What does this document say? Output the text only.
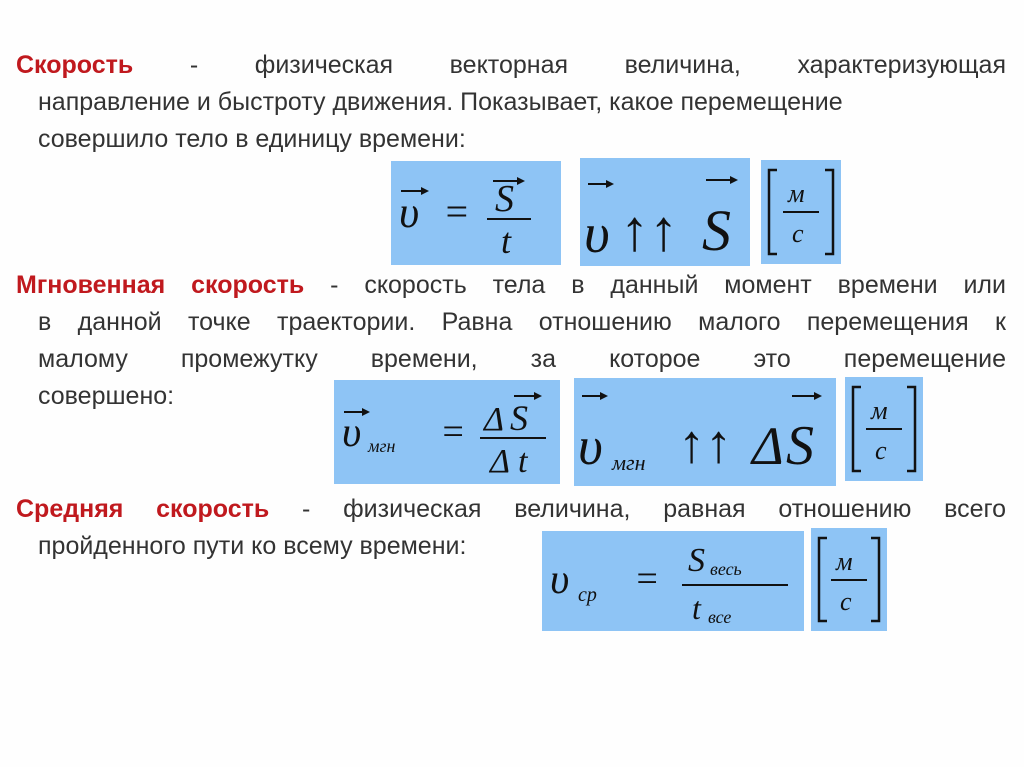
Скорость - физическая векторная величина, характеризующая
направление и быстроту движения. Показывает, какое перемещение
совершило тело в единицу времени:
υ = S
t υ ↑↑ S
м
с
Мгновенная скорость - скорость тела в данный момент времени или
в данной точке траектории. Равна отношению малого перемещения к
малому промежутку времени, за которое это перемещение
совершено:
υ мгн = Δ S
Δ t υ мгн ↑↑ Δ S
м
с
Средняя скорость - физическая величина, равная отношению всего
пройденного пути ко всему времени:
υ ср = S весь
t все
м
с
